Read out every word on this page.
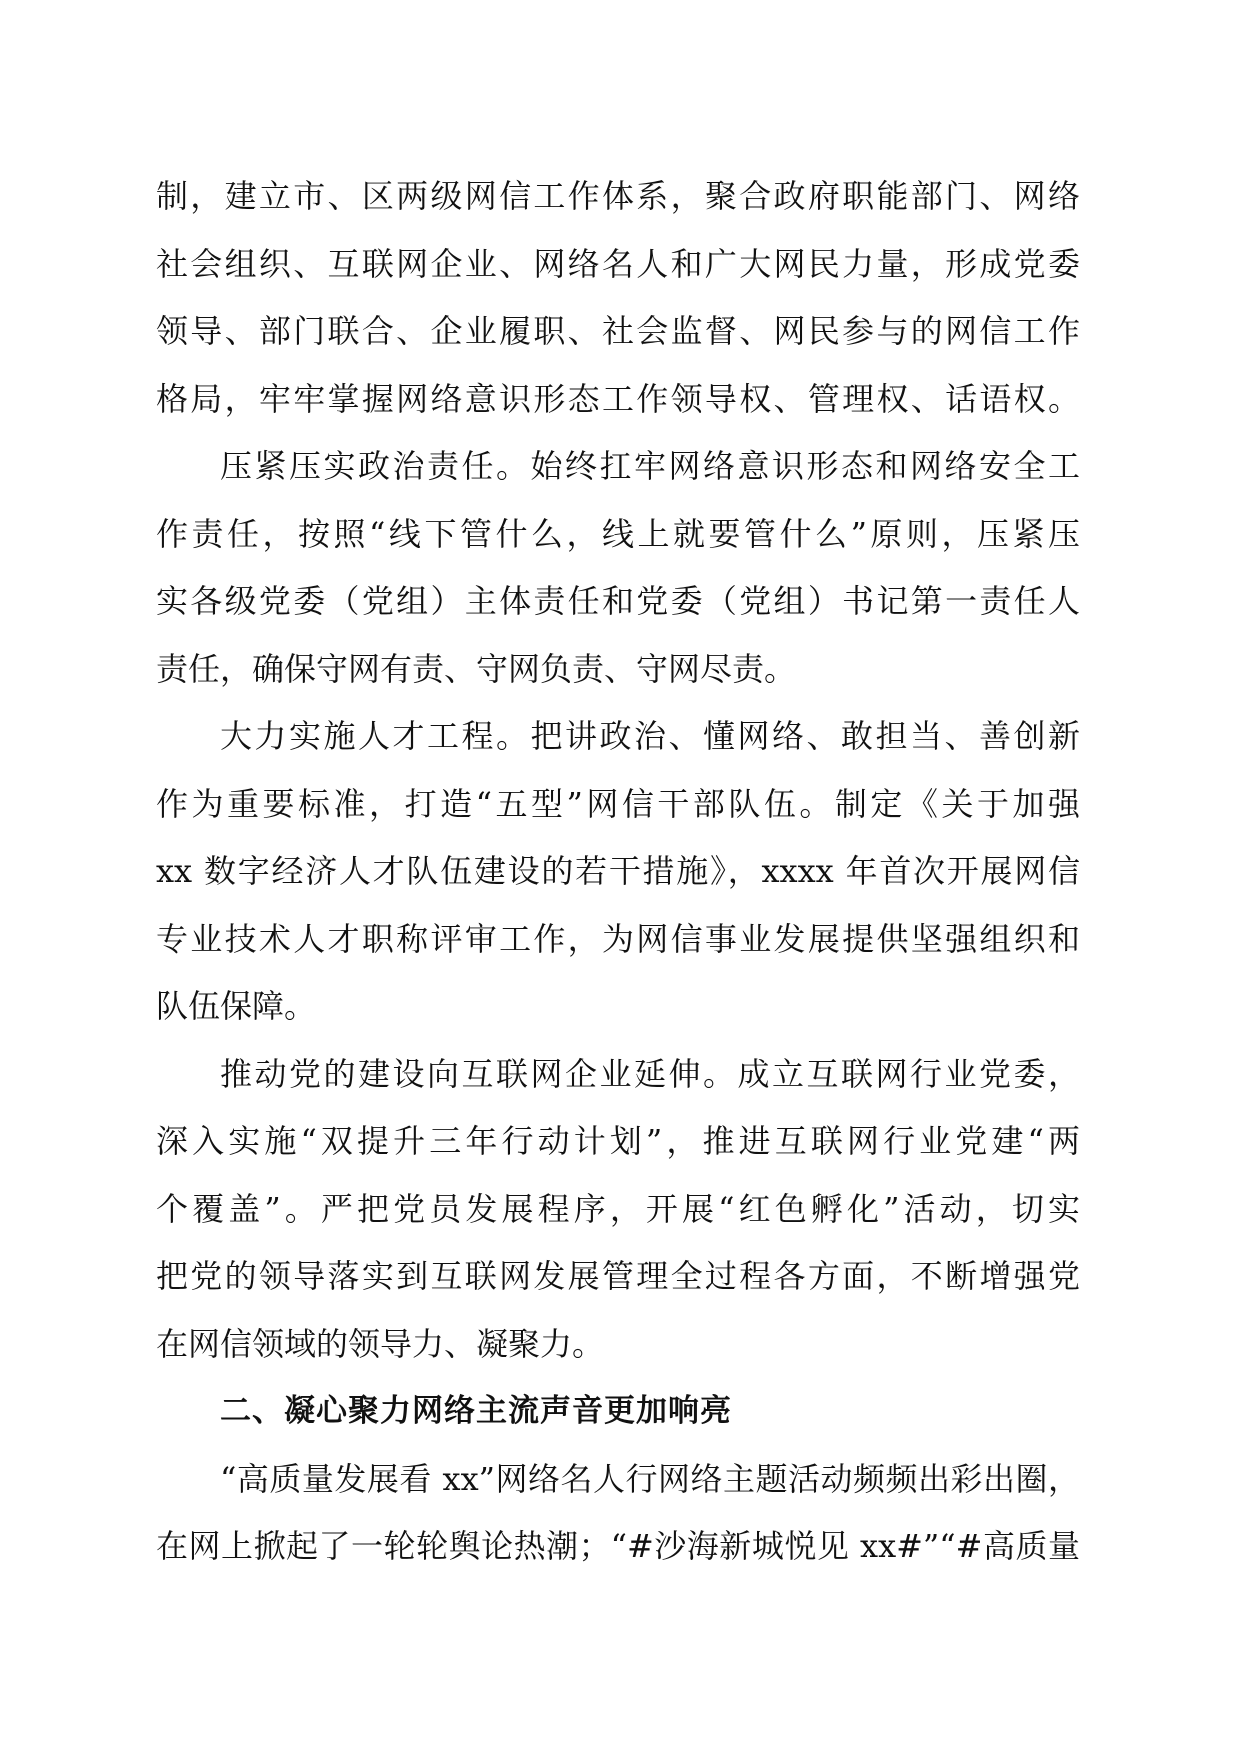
制，建立市、区两级网信工作体系，聚合政府职能部门、网络
社会组织、互联网企业、网络名人和广大网民力量，形成党委
领导、部门联合、企业履职、社会监督、网民参与的网信工作
格局，牢牢掌握网络意识形态工作领导权、管理权、话语权。
压紧压实政治责任。始终扛牢网络意识形态和网络安全工
作责任，按照“线下管什么，线上就要管什么”原则，压紧压
实各级党委（党组）主体责任和党委（党组）书记第一责任人
责任，确保守网有责、守网负责、守网尽责。
大力实施人才工程。把讲政治、懂网络、敢担当、善创新
作为重要标准，打造“五型”网信干部队伍。制定《关于加强
xx 数字经济人才队伍建设的若干措施》，xxxx 年首次开展网信
专业技术人才职称评审工作，为网信事业发展提供坚强组织和
队伍保障。
推动党的建设向互联网企业延伸。成立互联网行业党委，
深入实施“双提升三年行动计划”，推进互联网行业党建“两
个覆盖”。严把党员发展程序，开展“红色孵化”活动，切实
把党的领导落实到互联网发展管理全过程各方面，不断增强党
在网信领域的领导力、凝聚力。
二、凝心聚力网络主流声音更加响亮
“高质量发展看 xx”网络名人行网络主题活动频频出彩出圈，
在网上掀起了一轮轮舆论热潮；“#沙海新城悦见 xx#”“#高质量
